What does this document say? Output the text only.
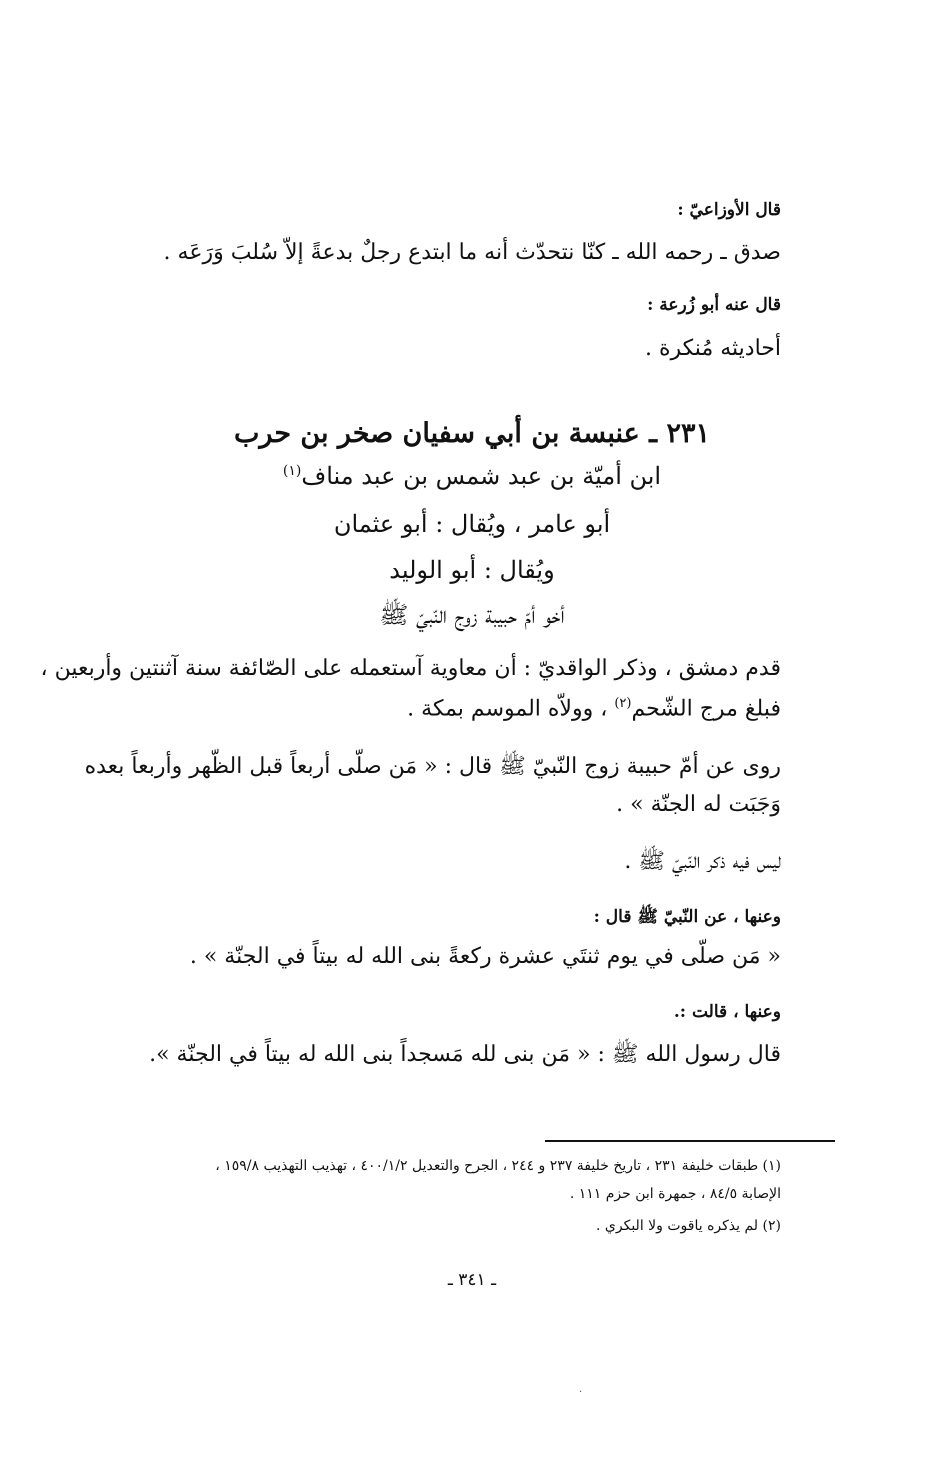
قال الأوزاعيّ :
صدق ـ رحمه الله ـ كنّا نتحدّث أنه ما ابتدع رجلٌ بدعةً إلاّ سُلبَ وَرَعَه .
قال عنه أبو زُرعة :
أحاديثه مُنكرة .
٢٣١ ـ عنبسة بن أبي سفيان صخر بن حرب
ابن أميّة بن عبد شمس بن عبد مناف$^{(١)}$
أبو عامر ، ويُقال : أبو عثمان
ويُقال : أبو الوليد
أخو أمّ حبيبة زوج النّبيّ ﷺ
قدم دمشق ، وذكر الواقديّ : أن معاوية آستعمله على الصّائفة سنة آثنتين وأربعين ،
فبلغ مرج الشّحم$^{(٢)}$ ، وولاّه الموسم بمكة .
روى عن أمّ حبيبة زوج النّبيّ ﷺ قال : « مَن صلّى أربعاً قبل الظّهر وأربعاً بعده
وَجَبَت له الجنّة » .
ليس فيه ذكر النّبيّ ﷺ .
وعنها ، عن النّبيّ ﷺ قال :
« مَن صلّى في يوم ثنتَي عشرة ركعةً بنى الله له بيتاً في الجنّة » .
وعنها ، قالت :.
قال رسول الله ﷺ : « مَن بنى لله مَسجداً بنى الله له بيتاً في الجنّة ».
(١) طبقات خليفة ٢٣١ ، تاريخ خليفة ٢٣٧ و ٢٤٤ ، الجرح والتعديل ٤٠٠/١/٢ ، تهذيب التهذيب ١٥٩/٨ ،
الإصابة ٨٤/٥ ، جمهرة ابن حزم ١١١ .
(٢) لم يذكره ياقوت ولا البكري .
ـ ٣٤١ ـ
·
